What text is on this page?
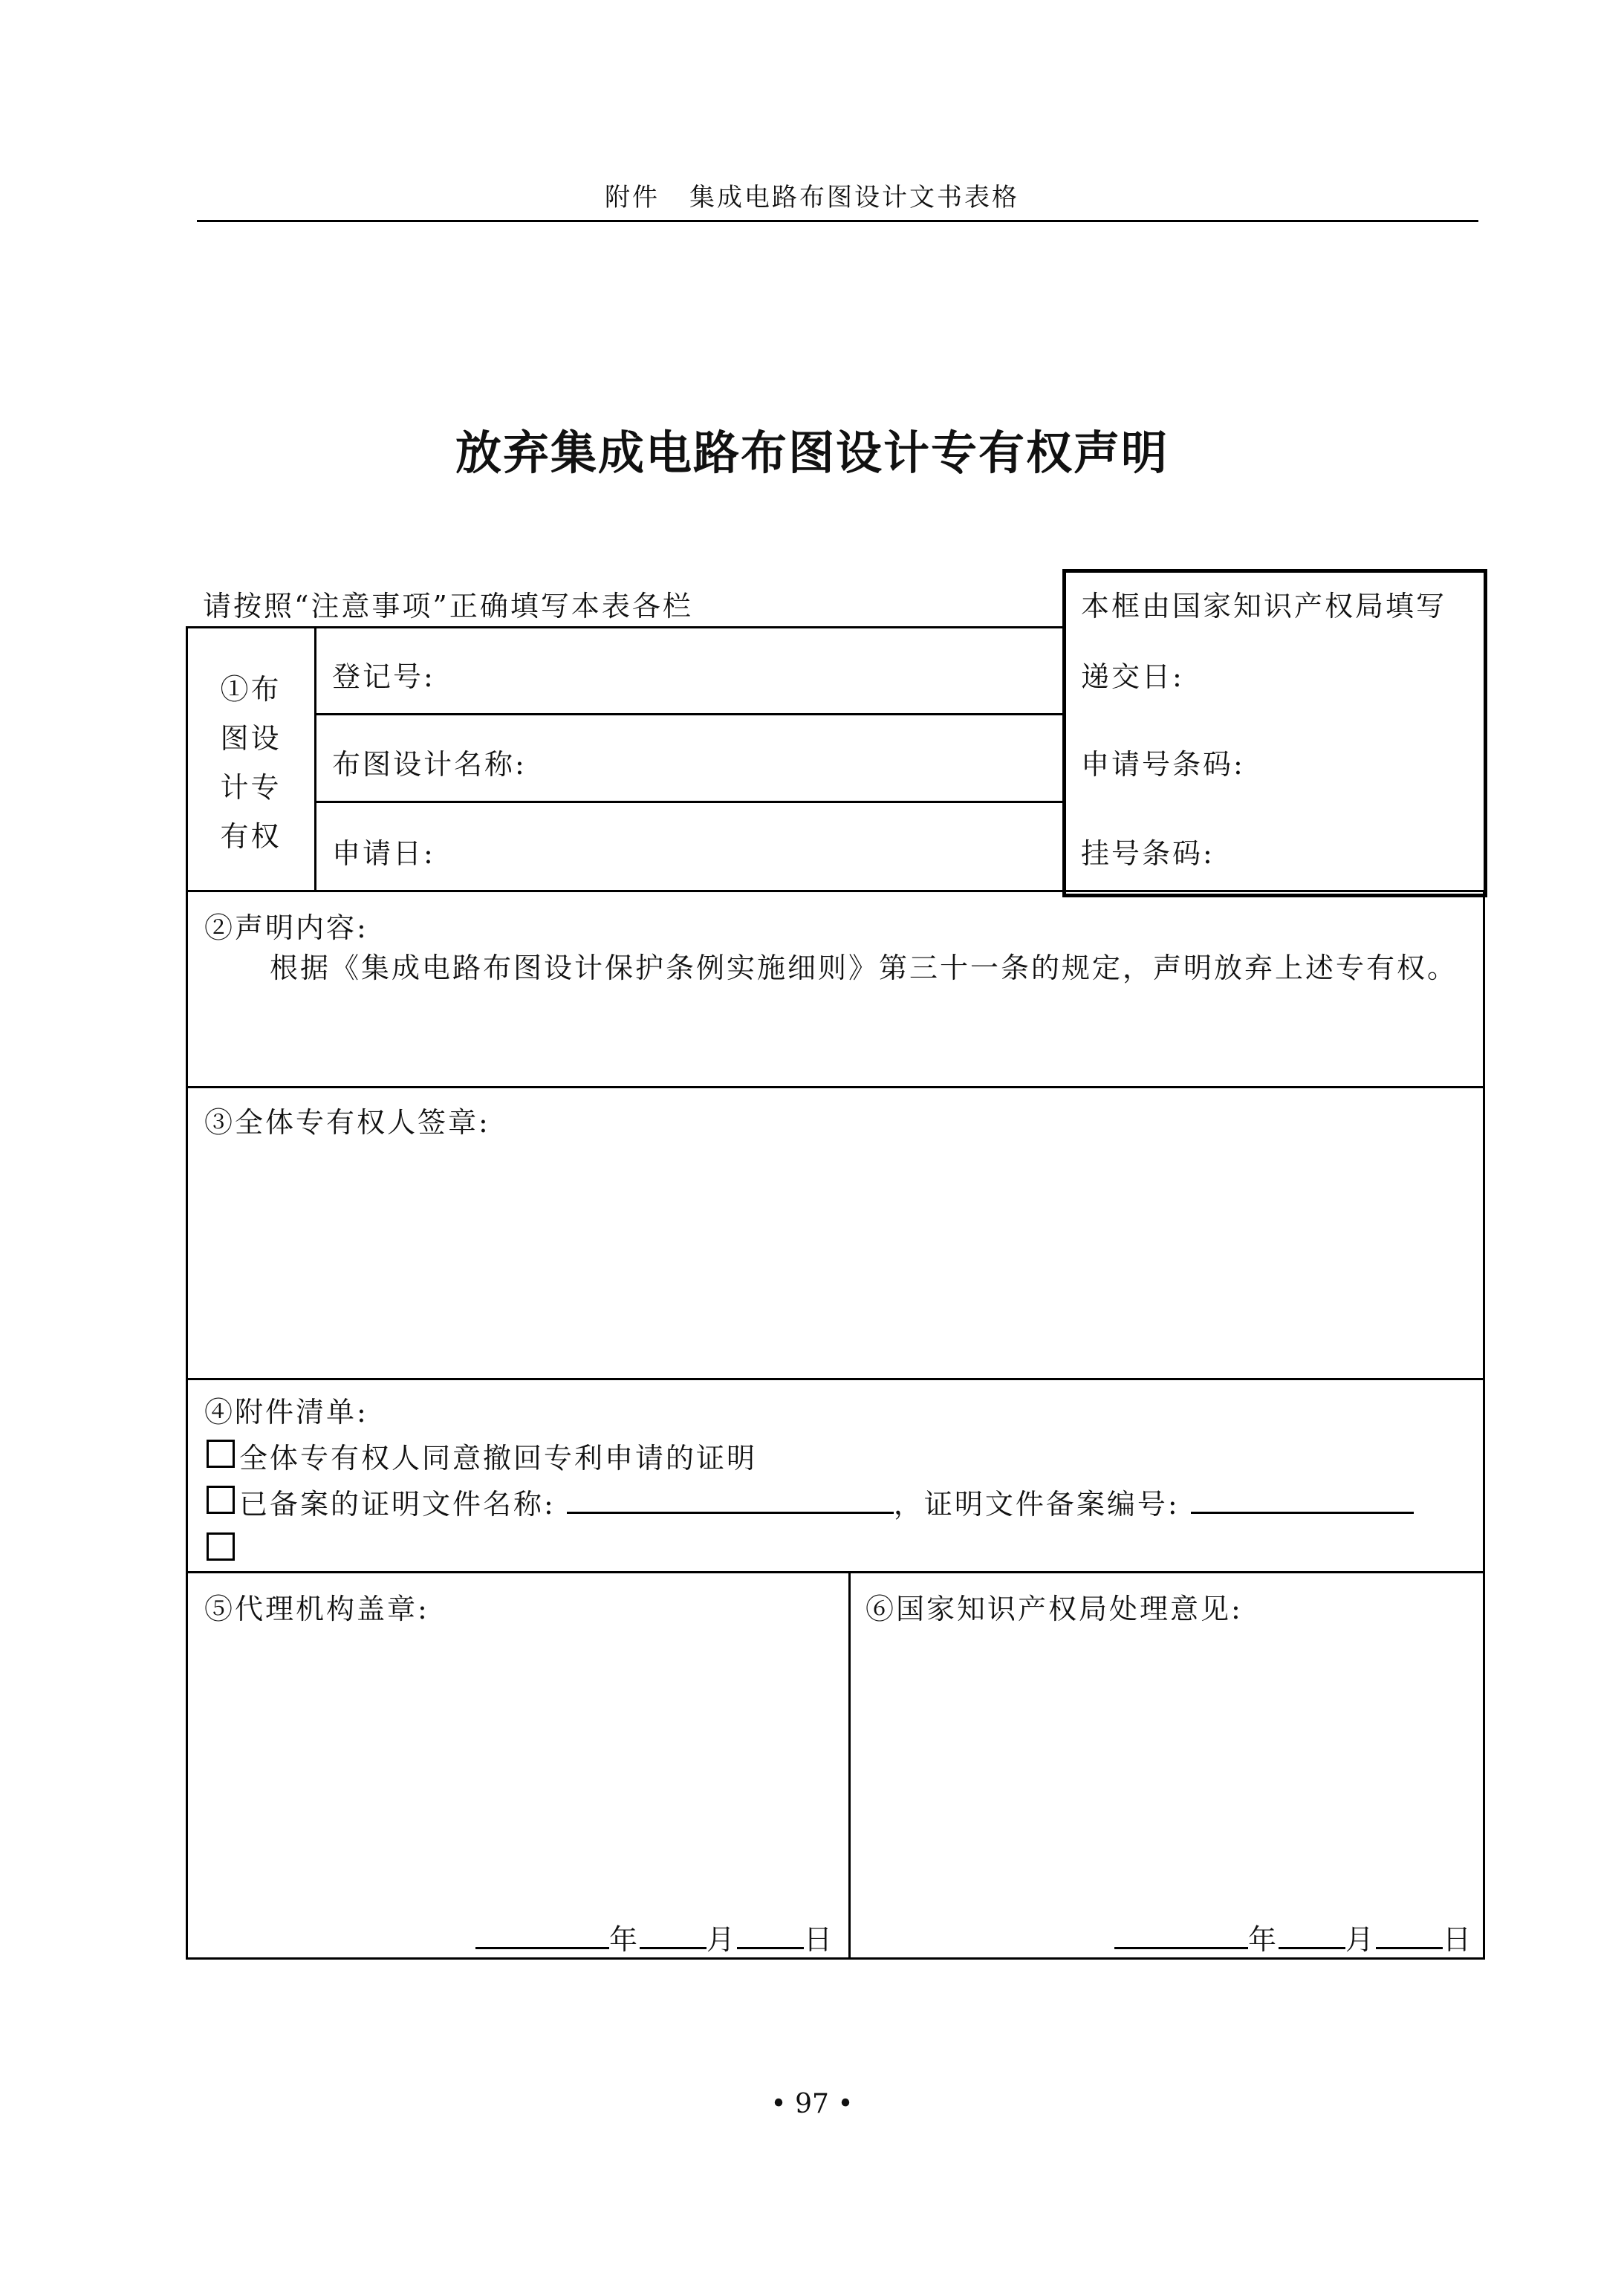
附件 集成电路布图设计文书表格
放弃集成电路布图设计专有权声明
请按照“注意事项”正确填写本表各栏	本框由国家知识产权局填写
递交日:
申请号条码:
挂号条码:
①布
图设
计专
有权
登记号:
布图设计名称:
申请日:
②声明内容:
根据《集成电路布图设计保护条例实施细则》第三十一条的规定，声明放弃上述专有权。
③全体专有权人签章:
④附件清单:
全体专有权人同意撤回专利申请的证明
已备案的证明文件名称:	，证明文件备案编号:
⑤代理机构盖章:
年 月 日
⑥国家知识产权局处理意见:
年 月 日
• 97 •
